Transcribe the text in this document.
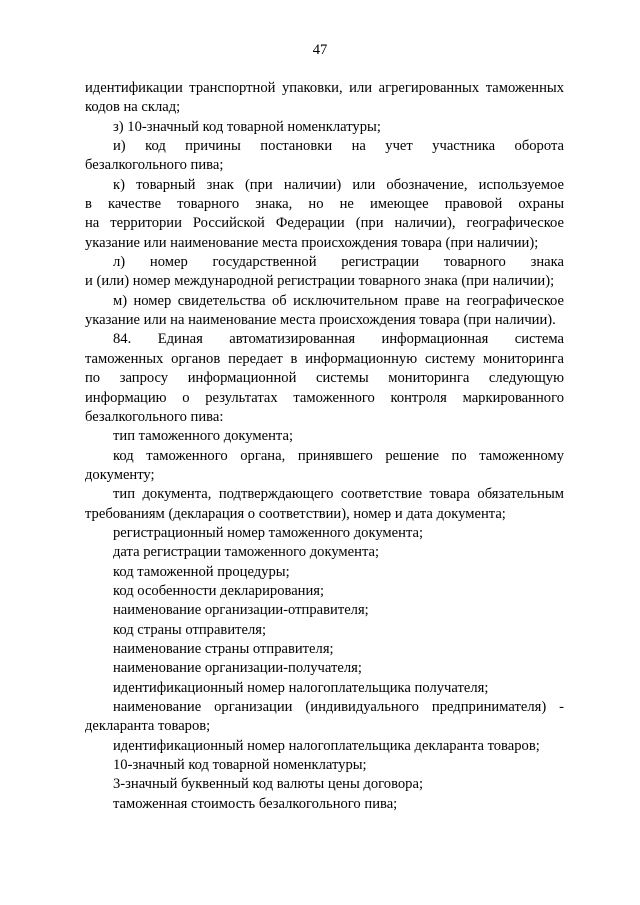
47
идентификации транспортной упаковки, или агрегированных таможенных
кодов на склад;
з) 10-значный код товарной номенклатуры;
и) код причины постановки на учет участника оборота
безалкогольного пива;
к) товарный знак (при наличии) или обозначение, используемое
в качестве товарного знака, но не имеющее правовой охраны
на территории Российской Федерации (при наличии), географическое
указание или наименование места происхождения товара (при наличии);
л) номер государственной регистрации товарного знака
и (или) номер международной регистрации товарного знака (при наличии);
м) номер свидетельства об исключительном праве на географическое
указание или на наименование места происхождения товара (при наличии).
84. Единая автоматизированная информационная система
таможенных органов передает в информационную систему мониторинга
по запросу информационной системы мониторинга следующую
информацию о результатах таможенного контроля маркированного
безалкогольного пива:
тип таможенного документа;
код таможенного органа, принявшего решение по таможенному
документу;
тип документа, подтверждающего соответствие товара обязательным
требованиям (декларация о соответствии), номер и дата документа;
регистрационный номер таможенного документа;
дата регистрации таможенного документа;
код таможенной процедуры;
код особенности декларирования;
наименование организации-отправителя;
код страны отправителя;
наименование страны отправителя;
наименование организации-получателя;
идентификационный номер налогоплательщика получателя;
наименование организации (индивидуального предпринимателя) -
декларанта товаров;
идентификационный номер налогоплательщика декларанта товаров;
10-значный код товарной номенклатуры;
3-значный буквенный код валюты цены договора;
таможенная стоимость безалкогольного пива;
